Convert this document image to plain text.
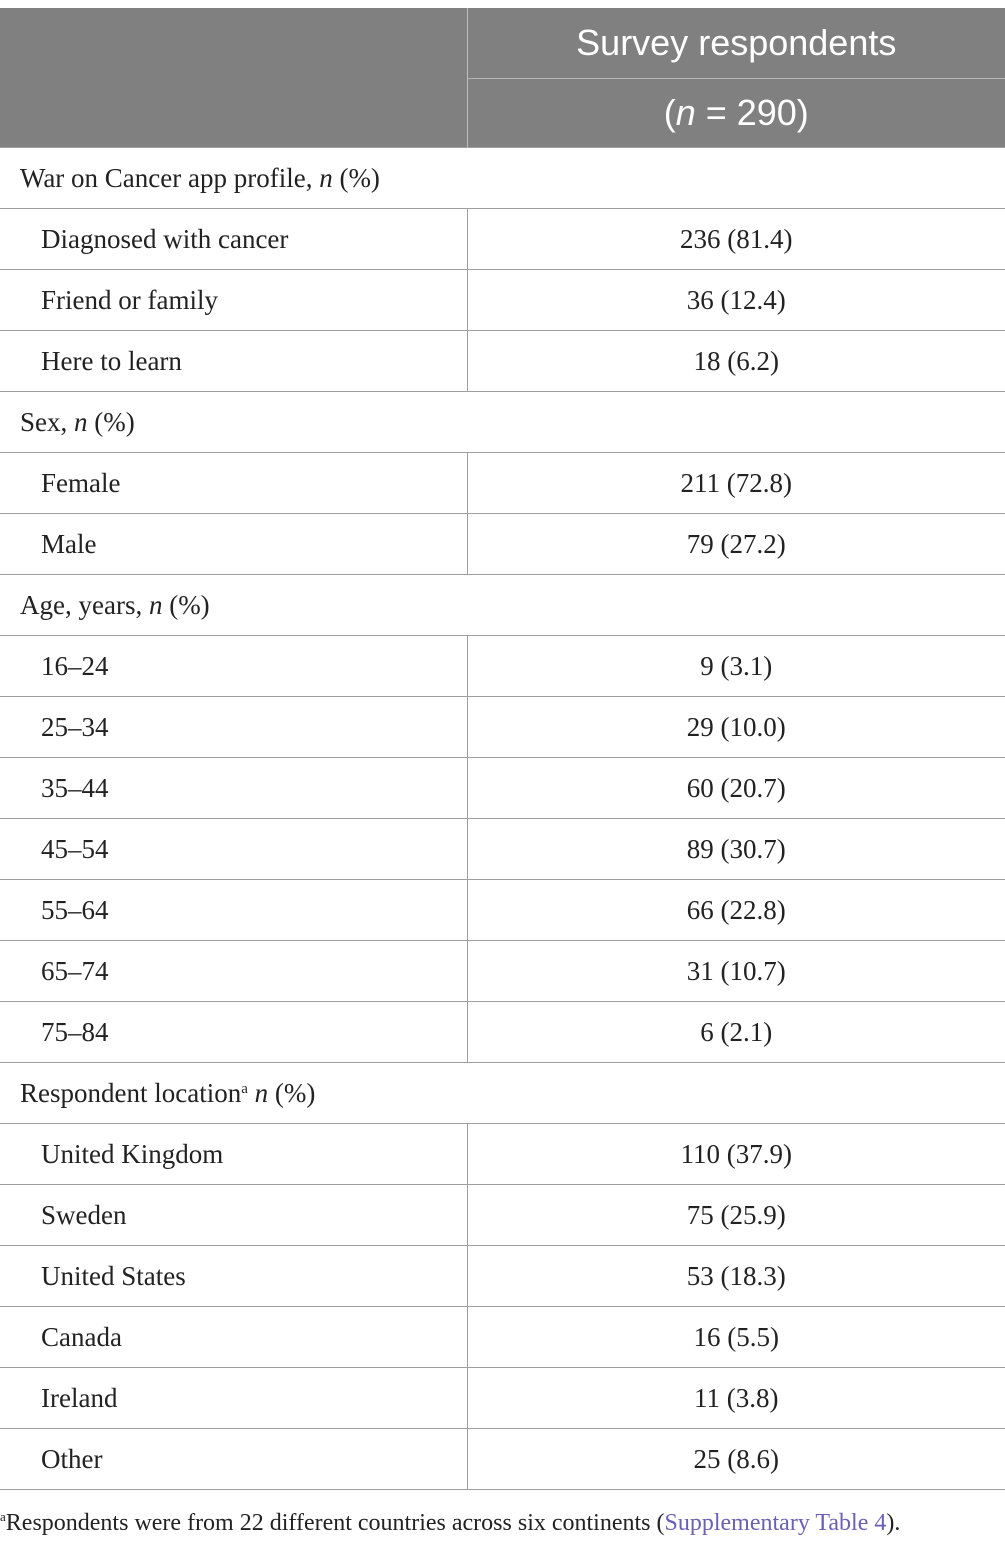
	Survey respondents
	(n = 290)
War on Cancer app profile, n (%)	
Diagnosed with cancer	236 (81.4)
Friend or family	36 (12.4)
Here to learn	18 (6.2)
Sex, n (%)	
Female	211 (72.8)
Male	79 (27.2)
Age, years, n (%)	
16–24	9 (3.1)
25–34	29 (10.0)
35–44	60 (20.7)
45–54	89 (30.7)
55–64	66 (22.8)
65–74	31 (10.7)
75–84	6 (2.1)
Respondent location$^a$ n (%)	
United Kingdom	110 (37.9)
Sweden	75 (25.9)
United States	53 (18.3)
Canada	16 (5.5)
Ireland	11 (3.8)
Other	25 (8.6)
$^a$Respondents were from 22 different countries across six continents (Supplementary Table 4).
